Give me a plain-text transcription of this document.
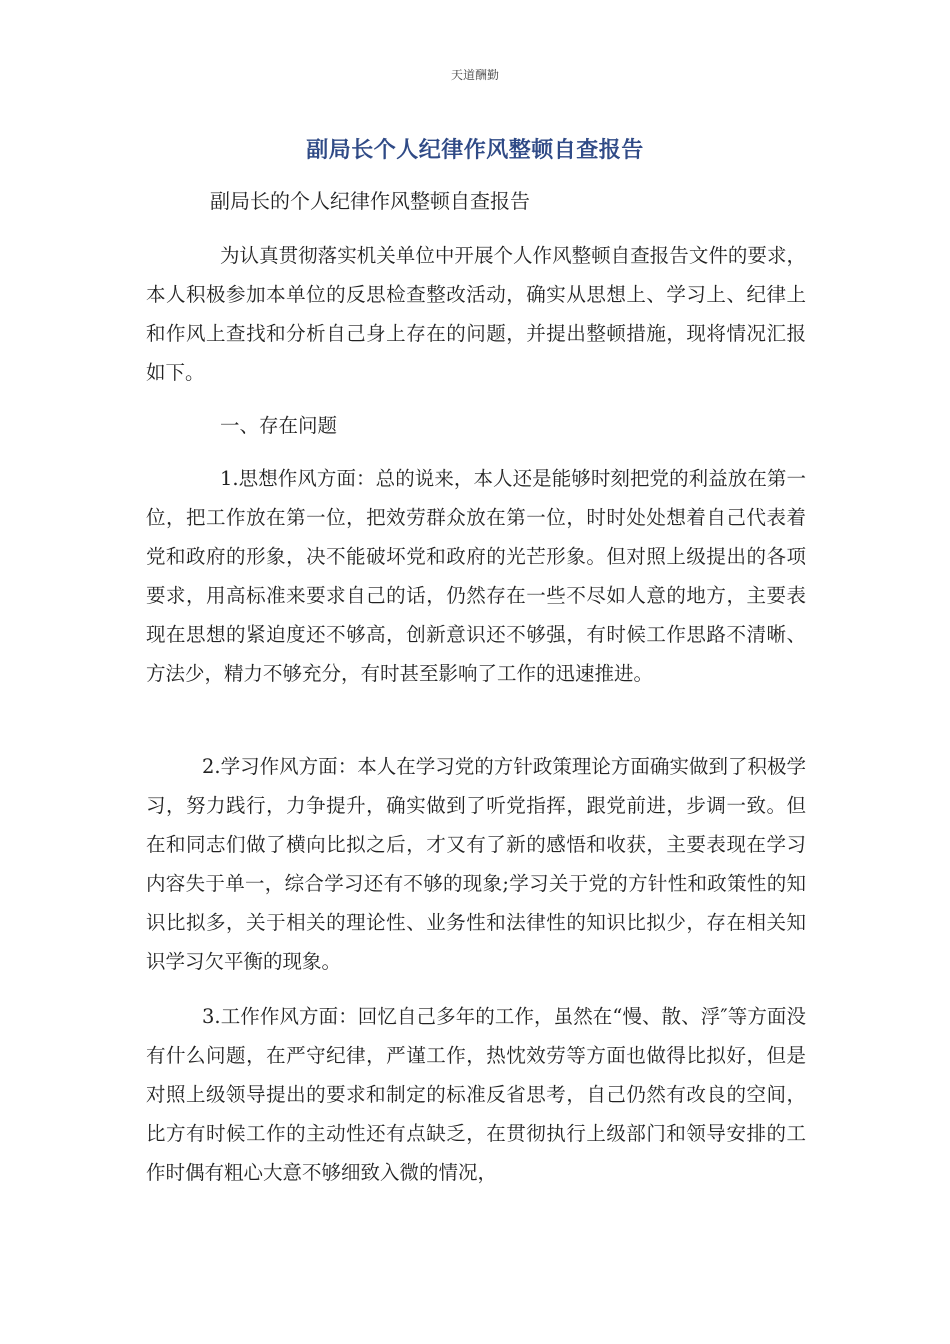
天道酬勤
副局长个人纪律作风整顿自查报告
副局长的个人纪律作风整顿自查报告
为认真贯彻落实机关单位中开展个人作风整顿自查报告文件的要求，本人积极参加本单位的反思检查整改活动，确实从思想上、学习上、纪律上和作风上查找和分析自己身上存在的问题，并提出整顿措施，现将情况汇报如下。
一、存在问题
1.思想作风方面：总的说来，本人还是能够时刻把党的利益放在第一位，把工作放在第一位，把效劳群众放在第一位，时时处处想着自己代表着党和政府的形象，决不能破坏党和政府的光芒形象。但对照上级提出的各项要求，用高标准来要求自己的话，仍然存在一些不尽如人意的地方，主要表现在思想的紧迫度还不够高，创新意识还不够强，有时候工作思路不清晰、方法少，精力不够充分，有时甚至影响了工作的迅速推进。
2.学习作风方面：本人在学习党的方针政策理论方面确实做到了积极学习，努力践行，力争提升，确实做到了听党指挥，跟党前进，步调一致。但在和同志们做了横向比拟之后，才又有了新的感悟和收获，主要表现在学习内容失于单一，综合学习还有不够的现象;学习关于党的方针性和政策性的知识比拟多，关于相关的理论性、业务性和法律性的知识比拟少，存在相关知识学习欠平衡的现象。
3.工作作风方面：回忆自己多年的工作，虽然在“慢、散、浮″等方面没有什么问题，在严守纪律，严谨工作，热忱效劳等方面也做得比拟好，但是对照上级领导提出的要求和制定的标准反省思考，自己仍然有改良的空间，比方有时候工作的主动性还有点缺乏，在贯彻执行上级部门和领导安排的工作时偶有粗心大意不够细致入微的情况，
